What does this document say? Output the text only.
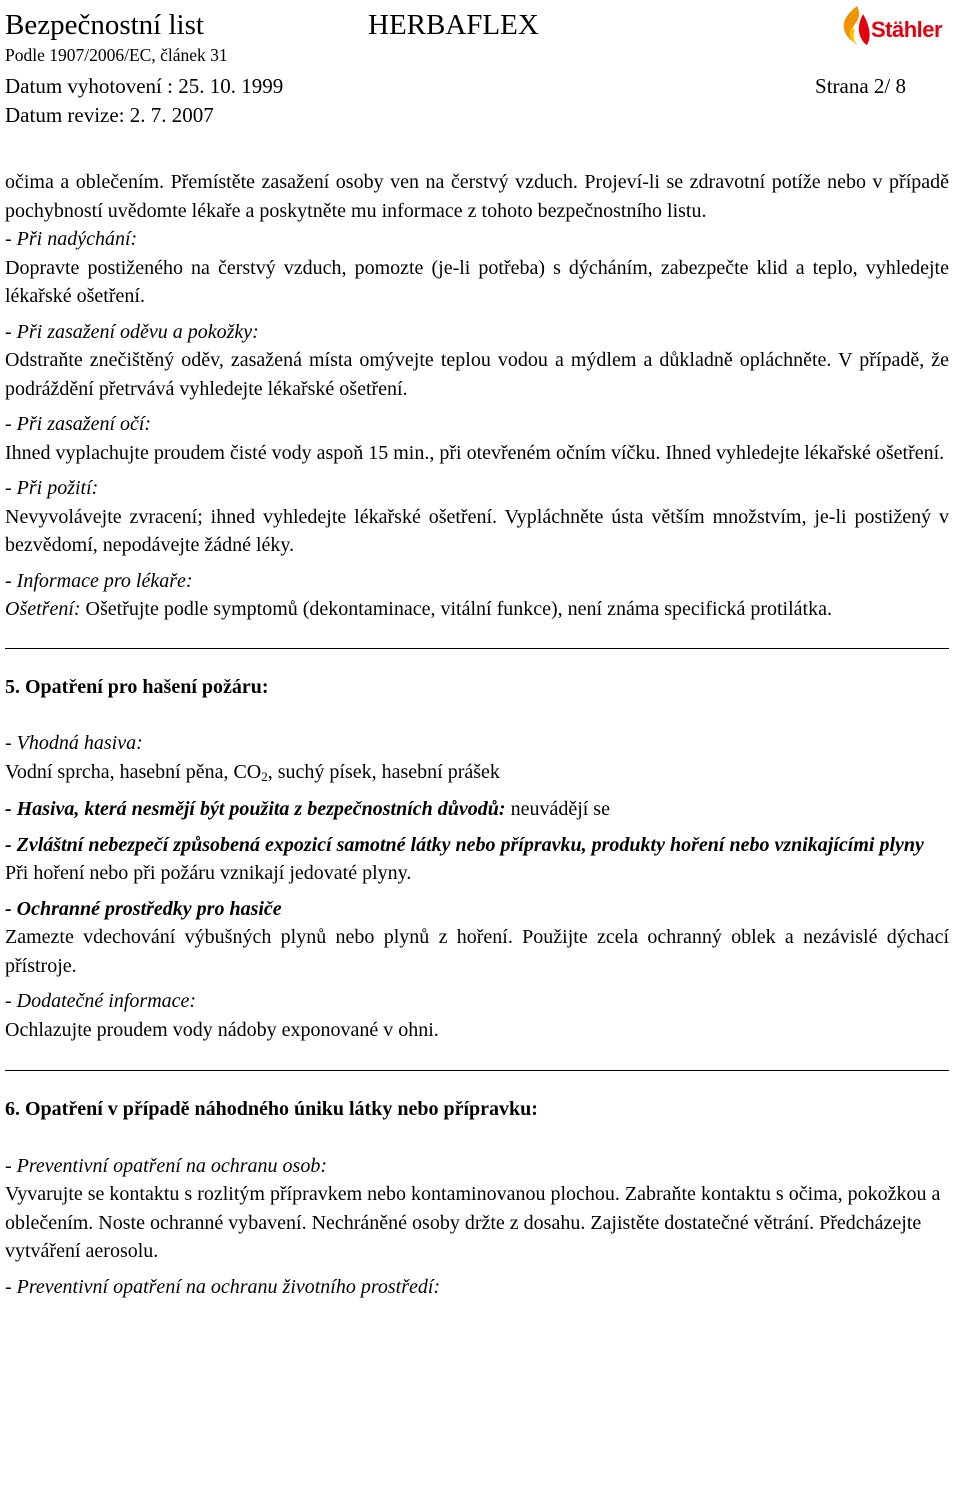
Bezpečnostní list	HERBAFLEX
Podle 1907/2006/EC, článek 31
Datum vyhotovení : 25. 10. 1999	Strana 2/ 8
Datum revize: 2. 7. 2007

očima a oblečením. Přemístěte zasažení osoby ven na čerstvý vzduch. Projeví-li se zdravotní potíže nebo v případě pochybností uvědomte lékaře a poskytněte mu informace z tohoto bezpečnostního listu.

- Při nadýchání:

Dopravte postiženého na čerstvý vzduch, pomozte (je-li potřeba) s dýcháním, zabezpečte klid a teplo, vyhledejte lékařské ošetření.

- Při zasažení oděvu a pokožky:

Odstraňte znečištěný oděv, zasažená místa omývejte teplou vodou a mýdlem a důkladně opláchněte. V případě, že podráždění přetrvává vyhledejte lékařské ošetření.

- Při zasažení očí:

Ihned vyplachujte proudem čisté vody aspoň 15 min., při otevřeném očním víčku. Ihned vyhledejte lékařské ošetření.

- Při požití:

Nevyvolávejte zvracení; ihned vyhledejte lékařské ošetření. Vypláchněte ústa větším množstvím, je-li postižený v bezvědomí, nepodávejte žádné léky.

- Informace pro lékaře:

Ošetření: Ošetřujte podle symptomů (dekontaminace, vitální funkce), není známa specifická protilátka.

5. Opatření pro hašení požáru:
- Vhodná hasiva:

Vodní sprcha, hasební pěna, $CO_2$, suchý písek, hasební prášek

- Hasiva, která nesmějí být použita z bezpečnostních důvodů: neuvádějí se

- Zvláštní nebezpečí způsobená expozicí samotné látky nebo přípravku, produkty hoření nebo vznikajícími plyny

Při hoření nebo při požáru vznikají jedovaté plyny.

- Ochranné prostředky pro hasiče

Zamezte vdechování výbušných plynů nebo plynů z hoření. Použijte zcela ochranný oblek a nezávislé dýchací přístroje.

- Dodatečné informace:

Ochlazujte proudem vody nádoby exponované v ohni.

6. Opatření v případě náhodného úniku látky nebo přípravku:
- Preventivní opatření na ochranu osob:

Vyvarujte se kontaktu s rozlitým přípravkem nebo kontaminovanou plochou. Zabraňte kontaktu s očima, pokožkou a oblečením. Noste ochranné vybavení. Nechráněné osoby držte z dosahu. Zajistěte dostatečné větrání. Předcházejte vytváření aerosolu.

- Preventivní opatření na ochranu životního prostředí:
Stähler
